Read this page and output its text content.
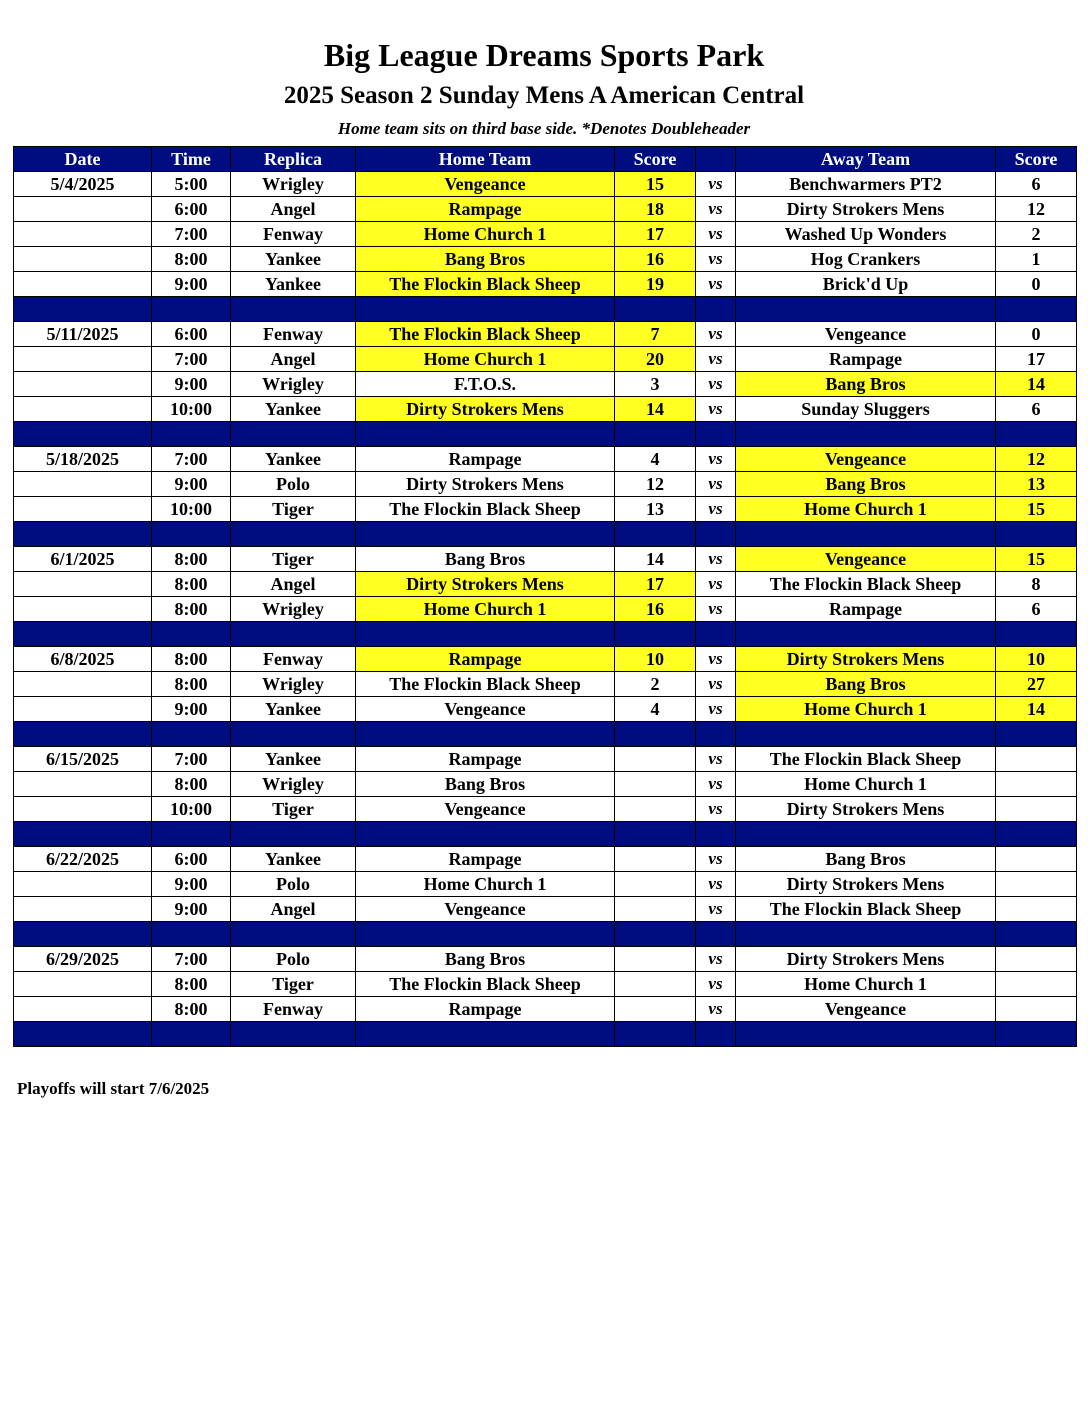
Big League Dreams Sports Park
2025 Season 2 Sunday Mens A American Central
Home team sits on third base side. *Denotes Doubleheader
Date	Time	Replica	Home Team	Score		Away Team	Score
5/4/2025	5:00	Wrigley	Vengeance	15	vs	Benchwarmers PT2	6
	6:00	Angel	Rampage	18	vs	Dirty Strokers Mens	12
	7:00	Fenway	Home Church 1	17	vs	Washed Up Wonders	2
	8:00	Yankee	Bang Bros	16	vs	Hog Crankers	1
	9:00	Yankee	The Flockin Black Sheep	19	vs	Brick'd Up	0

5/11/2025	6:00	Fenway	The Flockin Black Sheep	7	vs	Vengeance	0
	7:00	Angel	Home Church 1	20	vs	Rampage	17
	9:00	Wrigley	F.T.O.S.	3	vs	Bang Bros	14
	10:00	Yankee	Dirty Strokers Mens	14	vs	Sunday Sluggers	6

5/18/2025	7:00	Yankee	Rampage	4	vs	Vengeance	12
	9:00	Polo	Dirty Strokers Mens	12	vs	Bang Bros	13
	10:00	Tiger	The Flockin Black Sheep	13	vs	Home Church 1	15

6/1/2025	8:00	Tiger	Bang Bros	14	vs	Vengeance	15
	8:00	Angel	Dirty Strokers Mens	17	vs	The Flockin Black Sheep	8
	8:00	Wrigley	Home Church 1	16	vs	Rampage	6

6/8/2025	8:00	Fenway	Rampage	10	vs	Dirty Strokers Mens	10
	8:00	Wrigley	The Flockin Black Sheep	2	vs	Bang Bros	27
	9:00	Yankee	Vengeance	4	vs	Home Church 1	14

6/15/2025	7:00	Yankee	Rampage		vs	The Flockin Black Sheep	
	8:00	Wrigley	Bang Bros		vs	Home Church 1	
	10:00	Tiger	Vengeance		vs	Dirty Strokers Mens	

6/22/2025	6:00	Yankee	Rampage		vs	Bang Bros	
	9:00	Polo	Home Church 1		vs	Dirty Strokers Mens	
	9:00	Angel	Vengeance		vs	The Flockin Black Sheep	

6/29/2025	7:00	Polo	Bang Bros		vs	Dirty Strokers Mens	
	8:00	Tiger	The Flockin Black Sheep		vs	Home Church 1	
	8:00	Fenway	Rampage		vs	Vengeance	

Playoffs will start 7/6/2025
